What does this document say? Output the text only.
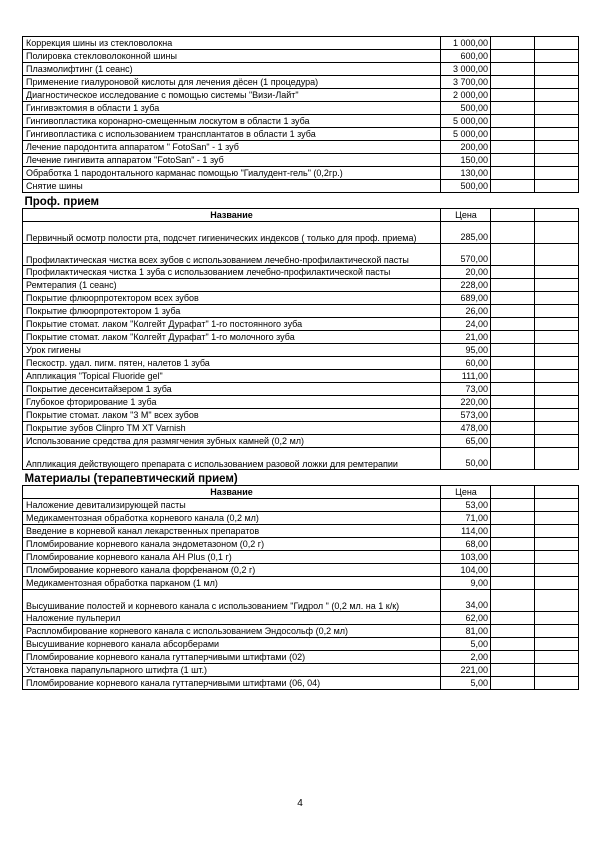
Коррекция шины из стекловолокна	1 000,00		
Полировка стекловолоконной шины	600,00		
Плазмолифтинг (1 сеанс)	3 000,00		
Применение гиалуроновой кислоты для лечения дёсен (1 процедура)	3 700,00		
Диагностическое исследование с помощью системы "Визи-Лайт"	2 000,00		
Гингивэктомия в области 1 зуба	500,00		
Гингивопластика коронарно-смещенным лоскутом в области 1 зуба	5 000,00		
Гингивопластика с использованием трансплантатов в области 1 зуба	5 000,00		
Лечение пародонтита аппаратом " FotoSan" - 1 зуб	200,00		
Лечение гингивита аппаратом "FotoSan" - 1 зуб	150,00		
Обработка 1 пародонтального карманас помощью "Гиалудент-гель" (0,2гр.)	130,00		
Снятие шины	500,00		
Проф. прием			
Название	Цена		
Первичный осмотр полости рта, подсчет гигиенических индексов ( только для проф. приема)	285,00		
Профилактическая чистка всех зубов с использованием лечебно-профилактической пасты	570,00		
Профилактическая чистка 1 зуба с использованием лечебно-профилактической пасты	20,00		
Ремтерапия (1 сеанс)	228,00		
Покрытие флюорпротектором всех зубов	689,00		
Покрытие флюорпротектором 1 зуба	26,00		
Покрытие стомат. лаком "Колгейт Дурафат" 1-го постоянного зуба	24,00		
Покрытие стомат. лаком "Колгейт Дурафат" 1-го молочного зуба	21,00		
Урок гигиены	95,00		
Пескостр. удал. пигм. пятен, налетов 1 зуба	60,00		
Аппликация "Topical Fluoride gel"	111,00		
Покрытие десенситайзером 1 зуба	73,00		
Глубокое фторирование 1 зуба	220,00		
Покрытие стомат. лаком "3 М" всех зубов	573,00		
Покрытие зубов Clinpro TM XT Varnish	478,00		
Использование средства для размягчения зубных камней (0,2 мл)	65,00		
Аппликация действующего препарата с использованием разовой ложки для ремтерапии	50,00		
Материалы (терапевтический прием)			
Название	Цена		
Наложение девитализирующей пасты	53,00		
Медикаментозная обработка корневого канала (0,2 мл)	71,00		
Введение в корневой канал лекарственных препаратов	114,00		
Пломбирование корневого канала эндометазоном (0,2 г)	68,00		
Пломбирование корневого канала AH Plus (0,1 г)	103,00		
Пломбирование корневого канала форфенаном (0,2 г)	104,00		
Медикаментозная обработка парканом (1 мл)	9,00		
Высушивание полостей и корневого канала с использованием "Гидрол " (0,2 мл. на 1 к/к)	34,00		
Наложение пульперил	62,00		
Распломбирование корневого канала с использованием Эндосольф (0,2 мл)	81,00		
Высушивание корневого канала абсорберами	5,00		
Пломбирование корневого канала гуттаперчивыми штифтами (02)	2,00		
Установка парапульпарного штифта (1 шт.)	221,00		
Пломбирование корневого канала гуттаперчивыми штифтами (06, 04)	5,00		
4
